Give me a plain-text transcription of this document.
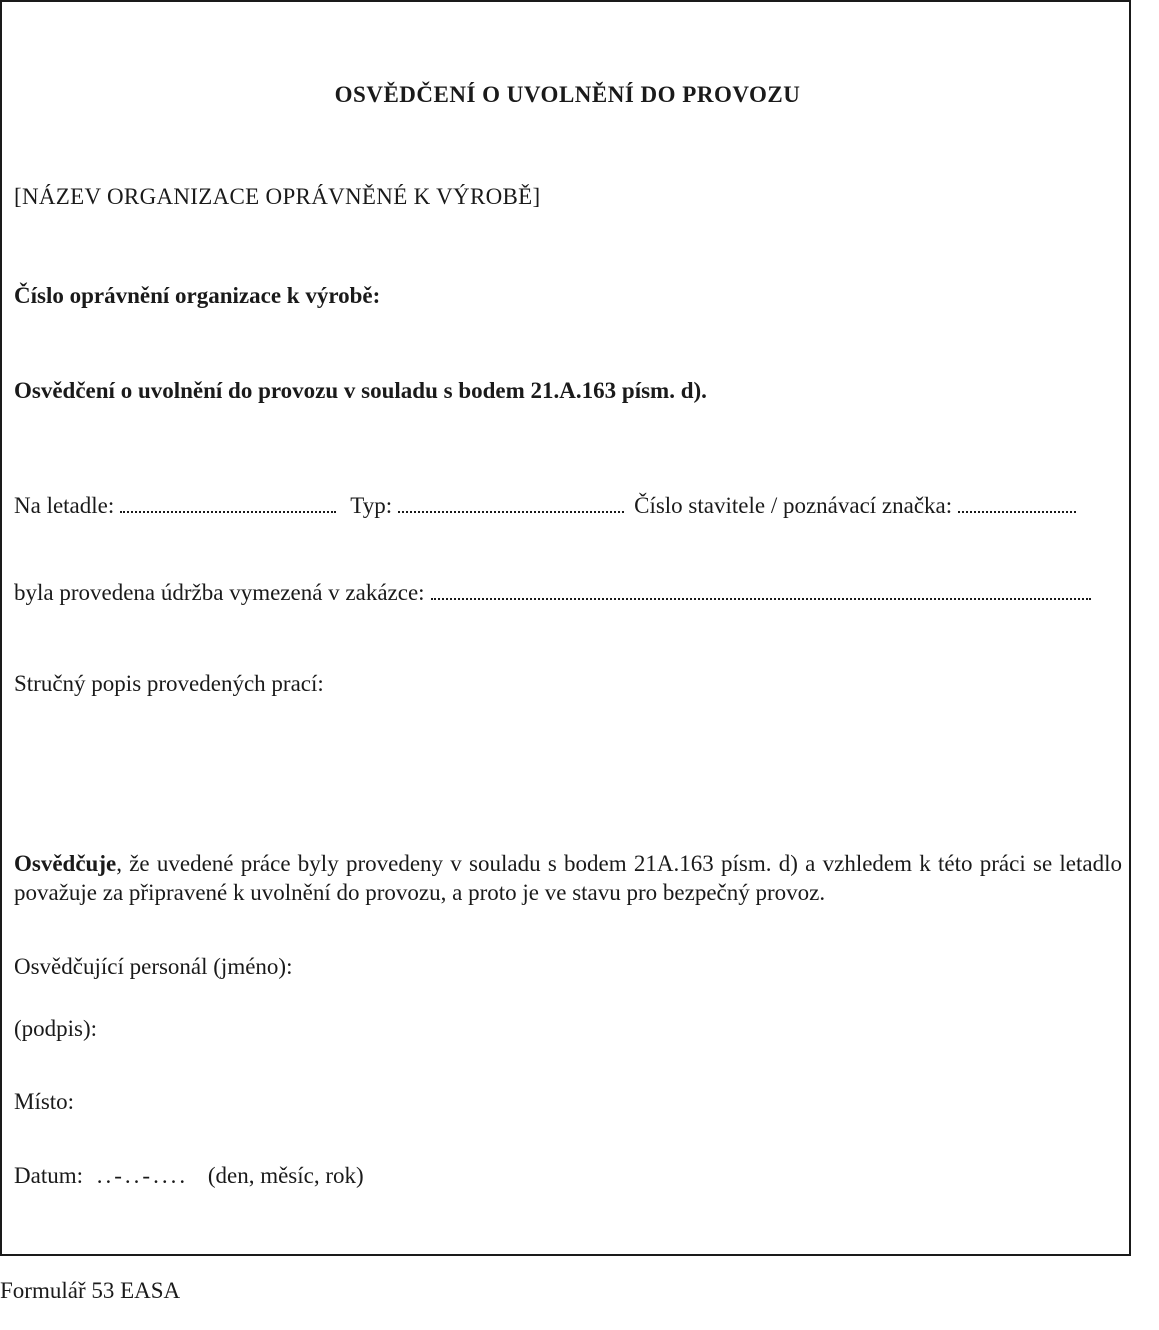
OSVĚDČENÍ O UVOLNĚNÍ DO PROVOZU
[NÁZEV ORGANIZACE OPRÁVNĚNÉ K VÝROBĚ]
Číslo oprávnění organizace k výrobě:
Osvědčení o uvolnění do provozu v souladu s bodem 21.A.163 písm. d).
Na letadle:	Typ:	Číslo stavitele / poznávací značka:
byla provedena údržba vymezená v zakázce:
Stručný popis provedených prací:
Osvědčuje, že uvedené práce byly provedeny v souladu s bodem 21A.163 písm. d) a vzhledem k této práci se letadlo považuje za připravené k uvolnění do provozu, a proto je ve stavu pro bezpečný provoz.
Osvědčující personál (jméno):
(podpis):
Místo:
Datum: ..-..-.... (den, měsíc, rok)
Formulář 53 EASA
